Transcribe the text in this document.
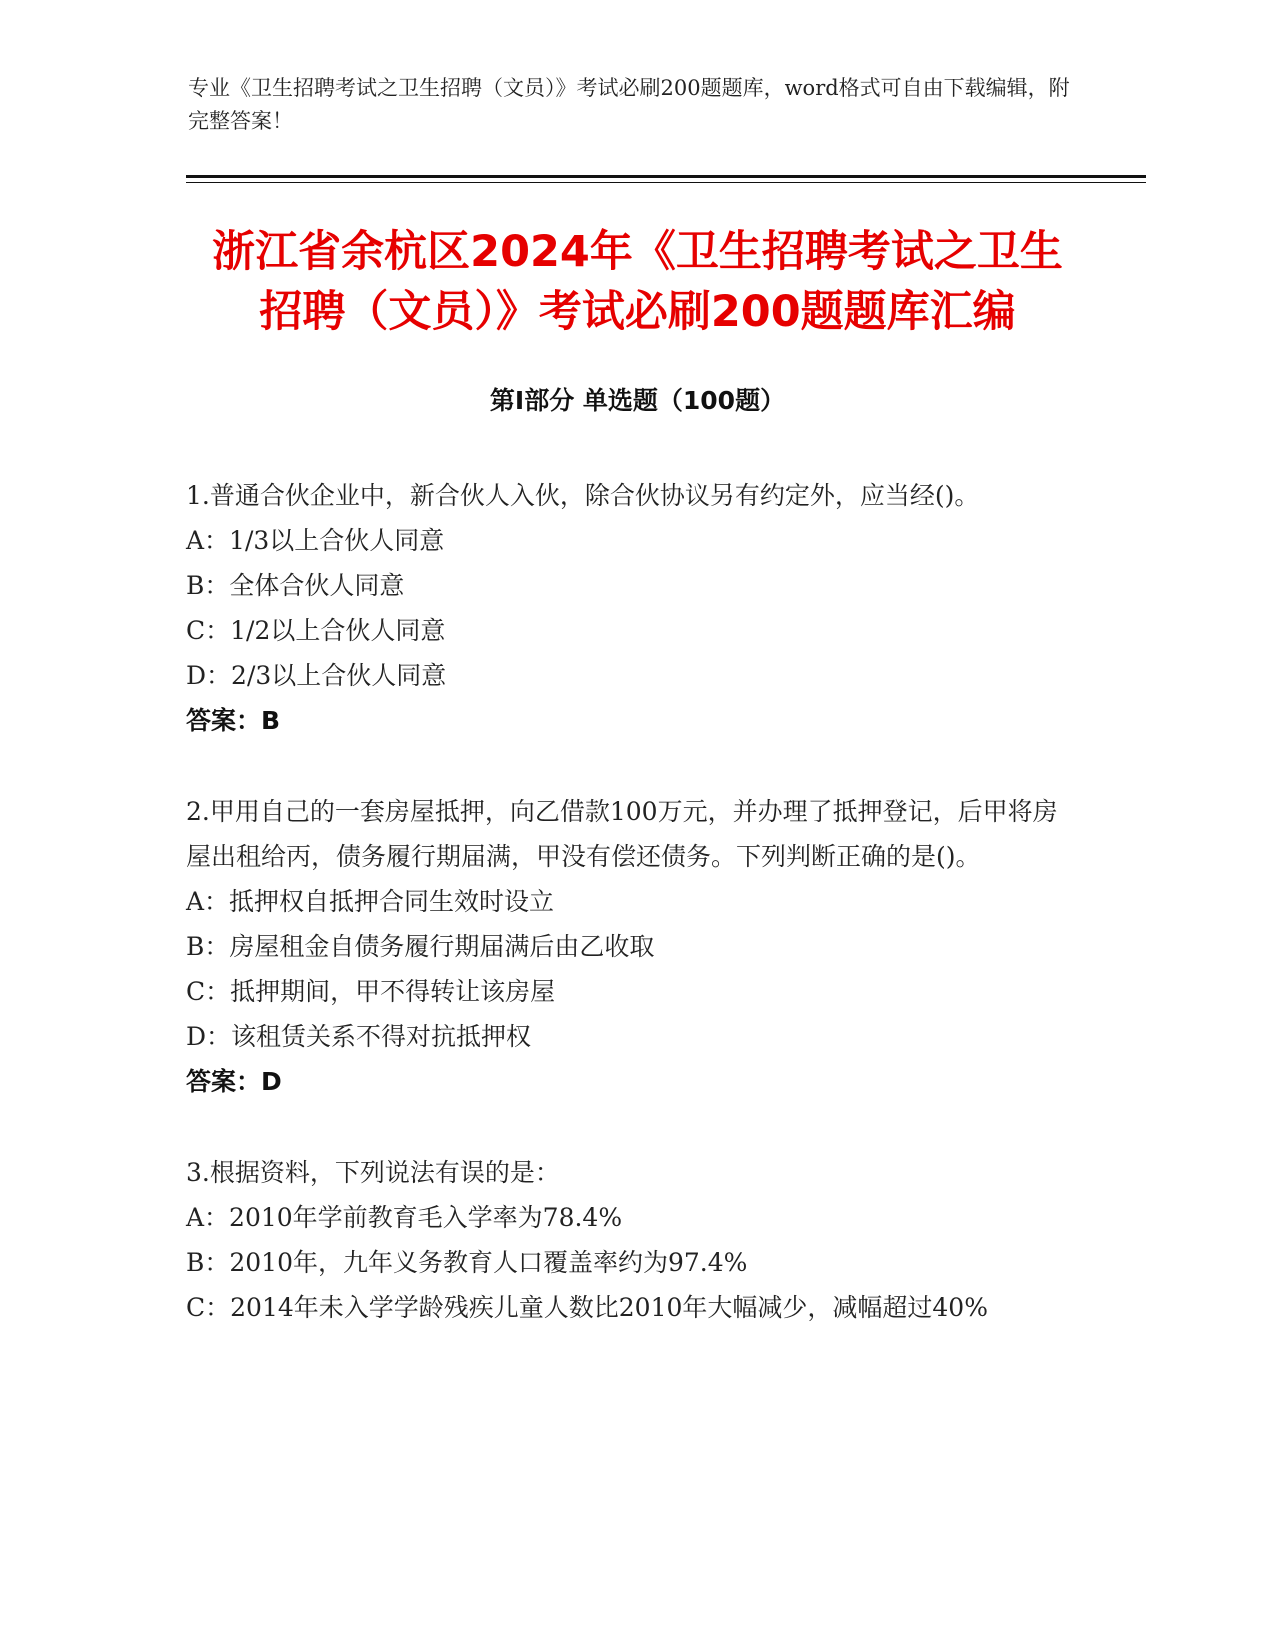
专业《卫生招聘考试之卫生招聘（文员）》考试必刷200题题库，word格式可自由下载编辑，附完整答案！
浙江省余杭区2024年《卫生招聘考试之卫生
招聘（文员）》考试必刷200题题库汇编
第I部分 单选题（100题）

1.普通合伙企业中，新合伙人入伙，除合伙协议另有约定外，应当经()。

A：1/3以上合伙人同意

B：全体合伙人同意

C：1/2以上合伙人同意

D：2/3以上合伙人同意

答案：B

2.甲用自己的一套房屋抵押，向乙借款100万元，并办理了抵押登记，后甲将房屋出租给丙，债务履行期届满，甲没有偿还债务。下列判断正确的是()。

A：抵押权自抵押合同生效时设立

B：房屋租金自债务履行期届满后由乙收取

C：抵押期间，甲不得转让该房屋

D：该租赁关系不得对抗抵押权

答案：D

3.根据资料，下列说法有误的是：

A：2010年学前教育毛入学率为78.4%

B：2010年，九年义务教育人口覆盖率约为97.4%

C：2014年未入学学龄残疾儿童人数比2010年大幅减少，减幅超过40%
